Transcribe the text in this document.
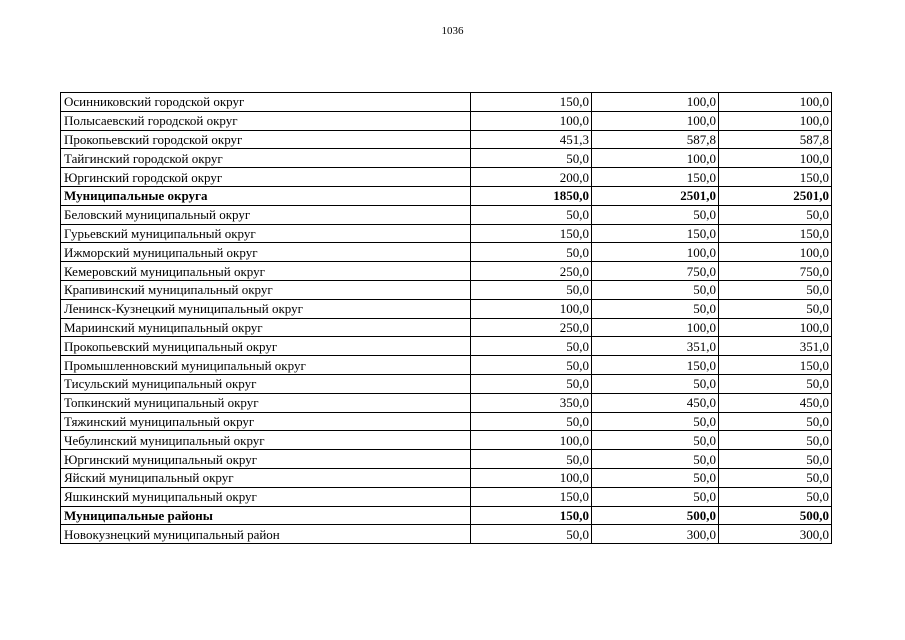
1036
Осинниковский городской округ	150,0	100,0	100,0
Полысаевский городской округ	100,0	100,0	100,0
Прокопьевский городской округ	451,3	587,8	587,8
Тайгинский городской округ	50,0	100,0	100,0
Юргинский городской округ	200,0	150,0	150,0
Муниципальные округа	1850,0	2501,0	2501,0
Беловский муниципальный округ	50,0	50,0	50,0
Гурьевский муниципальный округ	150,0	150,0	150,0
Ижморский муниципальный округ	50,0	100,0	100,0
Кемеровский муниципальный округ	250,0	750,0	750,0
Крапивинский муниципальный округ	50,0	50,0	50,0
Ленинск-Кузнецкий муниципальный округ	100,0	50,0	50,0
Мариинский муниципальный округ	250,0	100,0	100,0
Прокопьевский муниципальный округ	50,0	351,0	351,0
Промышленновский муниципальный округ	50,0	150,0	150,0
Тисульский муниципальный округ	50,0	50,0	50,0
Топкинский муниципальный округ	350,0	450,0	450,0
Тяжинский муниципальный округ	50,0	50,0	50,0
Чебулинский муниципальный округ	100,0	50,0	50,0
Юргинский муниципальный округ	50,0	50,0	50,0
Яйский муниципальный округ	100,0	50,0	50,0
Яшкинский муниципальный округ	150,0	50,0	50,0
Муниципальные районы	150,0	500,0	500,0
Новокузнецкий муниципальный район	50,0	300,0	300,0
